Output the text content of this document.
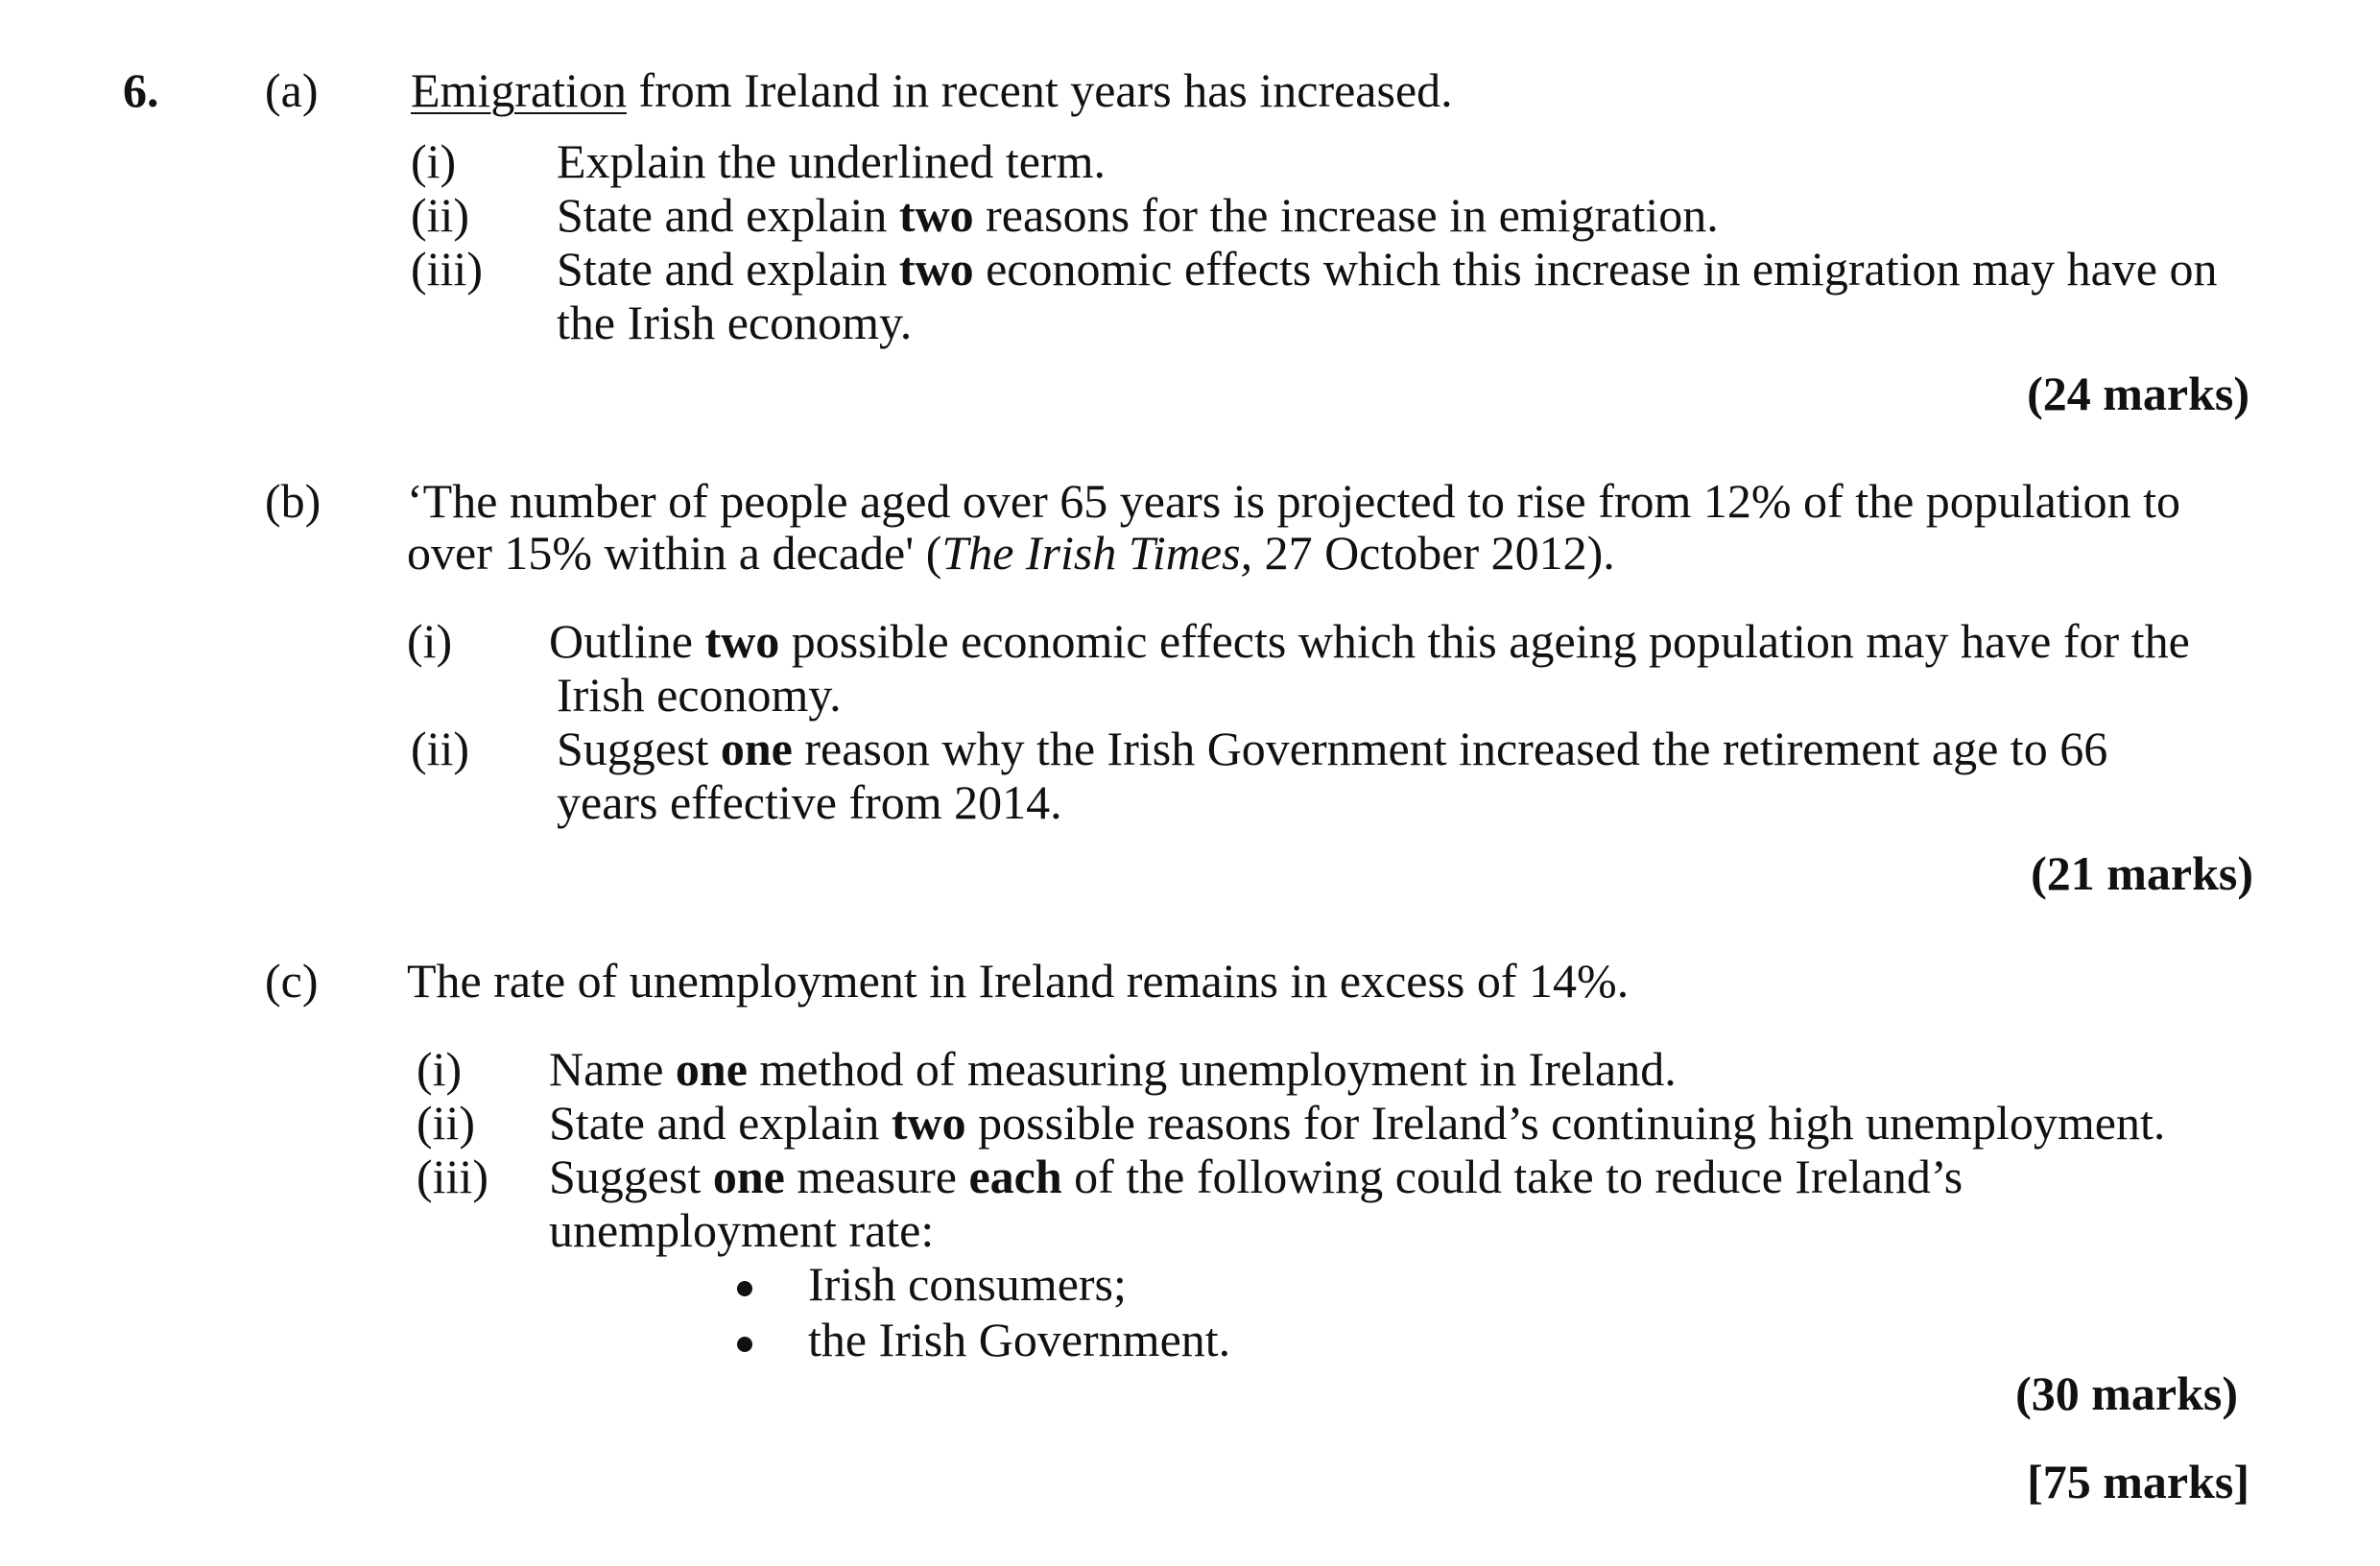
6. (a) Emigration from Ireland in recent years has increased.
(i) Explain the underlined term.
(ii) State and explain two reasons for the increase in emigration.
(iii) State and explain two economic effects which this increase in emigration may have on
the Irish economy.
(24 marks)
(b) ‘The number of people aged over 65 years is projected to rise from 12% of the population to
over 15% within a decade' (The Irish Times, 27 October 2012).
(i) Outline two possible economic effects which this ageing population may have for the
Irish economy.
(ii) Suggest one reason why the Irish Government increased the retirement age to 66
years effective from 2014.
(21 marks)
(c) The rate of unemployment in Ireland remains in excess of 14%.
(i) Name one method of measuring unemployment in Ireland.
(ii) State and explain two possible reasons for Ireland’s continuing high unemployment.
(iii) Suggest one measure each of the following could take to reduce Ireland’s
unemployment rate:
Irish consumers;
the Irish Government.
(30 marks)
[75 marks]
